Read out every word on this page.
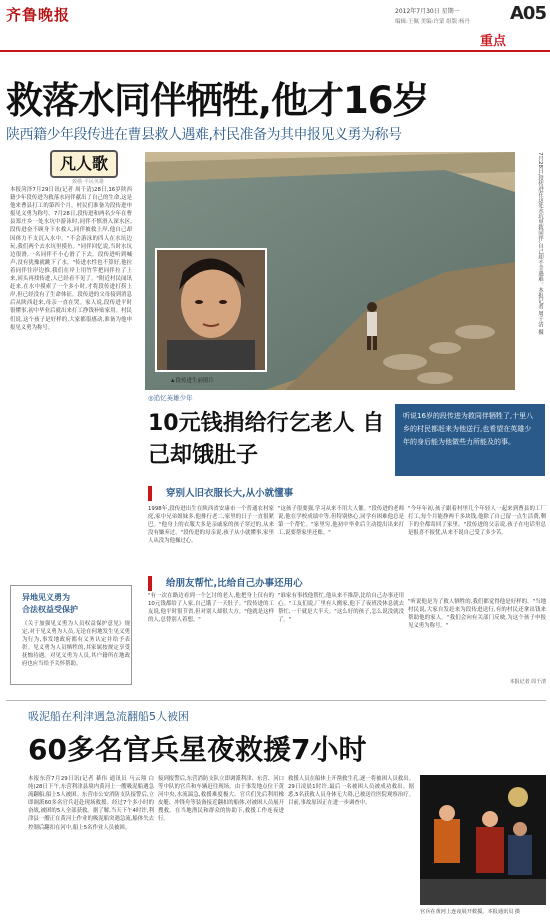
齐鲁晚报	2012年7月30日 星期一
编辑:王佩 美编:许蒙 组版:杨丹	A05
重点
救落水同伴牺牲,他才16岁
陕西籍少年段传进在曹县救人遇难,村民准备为其申报见义勇为称号
凡人歌
致敬·平民英雄
本报菏泽7月29日讯(记者 周千清)28日,16岁陕西籍少年段传进为救落水同伴献出了自己的生命,这是他来曹县打工的第四个月。村民们准备为段传进申报见义勇为称号。7月28日,段传进和两名少年在曹县郑庄乡一处水坑中游泳时,同伴不慎滑入深水区,段传进奋不顾身下水救人,同伴被救上岸,他自己却因体力不支沉入水中。"不会游泳的四人在水坑边玩,我们两个去水坑里摸鱼。"同伴回忆说,当时水坑边很滑,一名同伴不小心滑了下去。段传进听到喊声,没有犹豫就跳下了水。"传进水性也不算好,他拉着同伴往岸边推,我们在岸上用竹竿把同伴拉了上来,回头再找传进,人已经看不见了。"附近村民闻讯赶来,在水中摸索了一个多小时,才将段传进打捞上岸,但已经没有了生命体征。段传进的父母接到消息后从陕西赶来,母亲一直在哭。家人说,段传进平时很懂事,初中毕业后就出来打工挣钱补贴家用。村民们说,这个孩子是好样的,大家都很感动,准备为他申报见义勇为称号。
异地见义勇为
合法权益受保护
《关于加强见义勇为人员权益保护意见》规定,对于见义勇为人员,无论在何地发生见义勇为行为,事发地政府都有义务认定并给予表彰。见义勇为人员牺牲的,其家属按规定享受抚恤待遇。对见义勇为人员,其户籍所在地政府也应当给予关怀帮助。
▲段传进生前照片
7月28日,段传进在这处水坑里救同伴,自己却不幸遇难。本报记者 周千清 摄
◎追忆英雄少年
10元钱捐给行乞老人 自己却饿肚子
听说16岁的段传进为救同伴牺牲了,十里八乡的村民都赶来为他送行,也希望在英雄少年的身后能为他做些力所能及的事。
穿别人旧衣服长大,从小就懂事
1998年,段传进出生在陕西省安康市一个普通农村家庭,家中兄弟姐妹多,他排行老二,家里的日子一直很紧巴。"他身上的衣服大多是亲戚家的孩子穿过的,从来没有嫌弃过。"段传进的母亲说,孩子从小就懂事,家里人从没为他操过心。
"这孩子很要强,学习从来不用大人催。"段传进的老师说,他在学校成绩中等,但特别热心,同学有困难他总是第一个帮忙。"家里穷,他初中毕业后主动提出出来打工,说要帮家里还账。"
"今年年初,孩子跟着村里几个年轻人一起来到曹县的工厂打工,每个月能挣两千多块钱,他除了自己留一点生活费,剩下的全都寄回了家里。"段传进的父亲说,孩子在电话里总是报喜不报忧,从来不说自己受了多少苦。
给朋友帮忙,比给自己办事还用心
"有一次在路边看到一个乞讨的老人,他把身上仅有的10元钱都给了人家,自己饿了一天肚子。"段传进的工友说,他平时很节省,但对别人却很大方。"他就是这样的人,总替别人着想。"
"谁家有事找他帮忙,他从来不推辞,比给自己办事还用心。"工友们说,厂里有人搬家,他下了夜班没休息就去帮忙,一干就是大半天。"这么好的孩子,怎么说没就没了。"
"听说他是为了救人牺牲的,我们都觉得他是好样的。"当地村民说,大家自发赶来为段传进送行,有的村民还拿出钱来帮助他的家人。"我们会向有关部门反映,为这个孩子申报见义勇为称号。"
本报记者 周千清
吸泥船在利津遇急流翻船5人被困
60多名官兵星夜救援7小时
本报东营7月29日讯(记者 綦伟 通讯员 马云翔 白纯)28日下午,东营利津县境内黄河上一艘吸泥船遇急流翻船,船上5人被困。东营市公安消防支队接警后,立即调派60多名官兵赶赴现场救援。经过7个多小时的奋战,被困的5人全部获救。据了解,当天下午4时许,利津县一艘正在黄河上作业的吸泥船突遇急流,船体失去控制后翻扣在河中,船上5名作业人员被困。
接到报警后,东营消防支队立即调派利津、东营、河口等中队的官兵和车辆赶往现场。由于事发地点位于黄河中央,水流湍急,救援难度极大。官兵们先后利用橡皮艇、冲锋舟等装备接近翻扣的船体,对被困人员展开搜救。在当地渔民和群众的协助下,救援工作连夜进行。
救援人员在船体上开凿救生孔,逐一将被困人员救出。29日凌晨1时许,最后一名被困人员被成功救出。据悉,5名获救人员身体无大碍,已被送往医院观察治疗。目前,事故原因正在进一步调查中。
官兵在黄河上连夜展开救援。本报通讯员 摄
